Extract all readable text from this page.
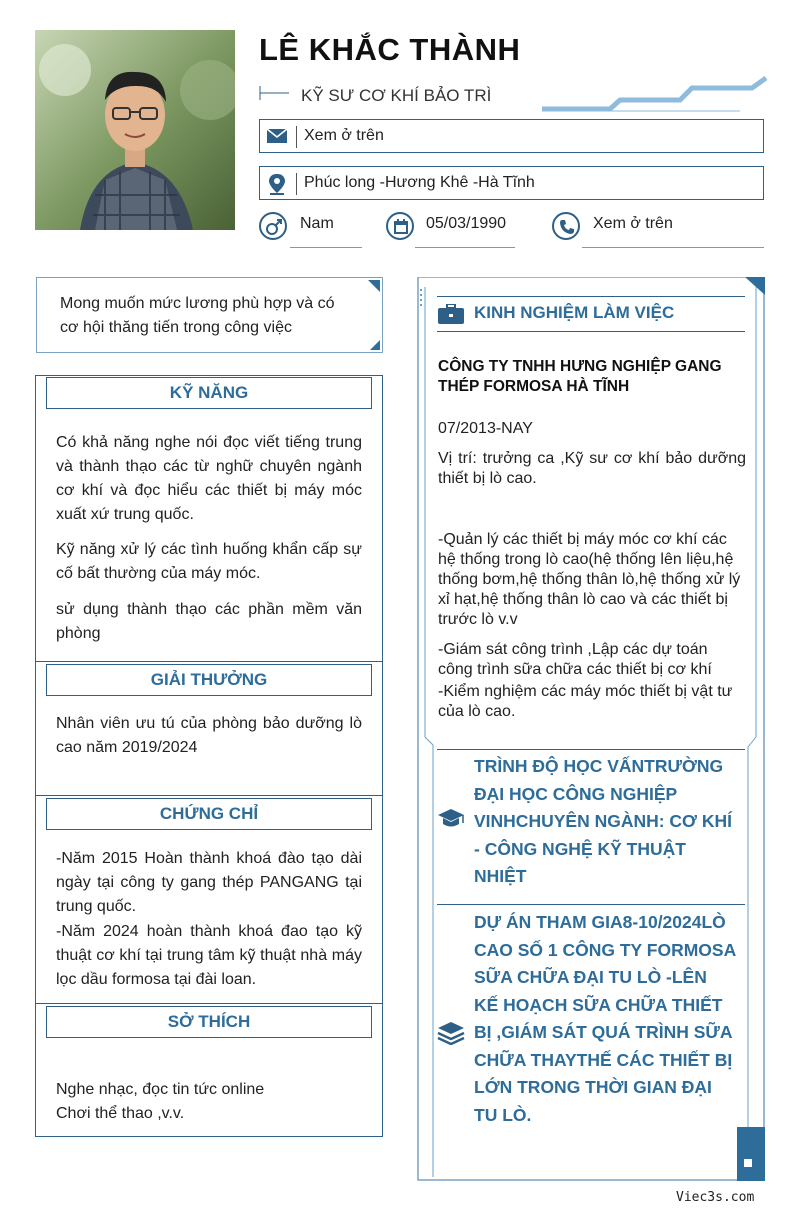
LÊ KHẮC THÀNH
KỸ SƯ CƠ KHÍ BẢO TRÌ
Xem ở trên
Phúc long -Hương Khê -Hà Tĩnh
Nam	05/03/1990	Xem ở trên
Mong muốn mức lương phù hợp và có
cơ hội thăng tiến trong công việc
KỸ NĂNG
Có khả năng nghe nói đọc viết tiếng trung và thành thạo các từ nghữ chuyên ngành cơ khí và đọc hiểu các thiết bị máy móc xuất xứ trung quốc.
Kỹ năng xử lý các tình huống khẩn cấp sự cố bất thường của máy móc.
sử dụng thành thạo các phần mềm văn phòng
GIẢI THƯỞNG
Nhân viên ưu tú của phòng bảo dưỡng lò cao năm 2019/2024
CHỨNG CHỈ
-Năm 2015 Hoàn thành khoá đào tạo dài ngày tại công ty gang thép PANGANG tại trung quốc.
-Năm 2024 hoàn thành khoá đao tạo kỹ thuật cơ khí tại trung tâm kỹ thuật nhà máy lọc dầu formosa tại đài loan.
SỞ THÍCH
Nghe nhạc, đọc tin tức online
Chơi thể thao ,v.v.
KINH NGHIỆM LÀM VIỆC
CÔNG TY TNHH HƯNG NGHIỆP GANG THÉP FORMOSA HÀ TĨNH
07/2013-NAY
Vị trí: trưởng ca ,Kỹ sư cơ khí bảo dưỡng thiết bị lò cao.
-Quản lý các thiết bị máy móc cơ khí các hệ thống trong lò cao(hệ thống lên liệu,hệ thống bơm,hệ thống thân lò,hệ thống xử lý xỉ hạt,hệ thống thân lò cao và các thiết bị trước lò v.v
-Giám sát công trình ,Lập các dự toán công trình sữa chữa các thiết bị cơ khí
-Kiểm nghiệm các máy móc thiết bị vật tư của lò cao.
TRÌNH ĐỘ HỌC VẤNTRƯỜNG ĐẠI HỌC CÔNG NGHIỆP VINHCHUYÊN NGÀNH: CƠ KHÍ - CÔNG NGHỆ KỸ THUẬT NHIỆT
DỰ ÁN THAM GIA8-10/2024LÒ CAO SỐ 1 CÔNG TY FORMOSA SỮA CHỮA ĐẠI TU LÒ -LÊN KẾ HOẠCH SỮA CHỮA THIẾT BỊ ,GIÁM SÁT QUÁ TRÌNH SỮA CHỮA THAYTHẾ CÁC THIẾT BỊ LỚN TRONG THỜI GIAN ĐẠI TU LÒ.
Viec3s.com
